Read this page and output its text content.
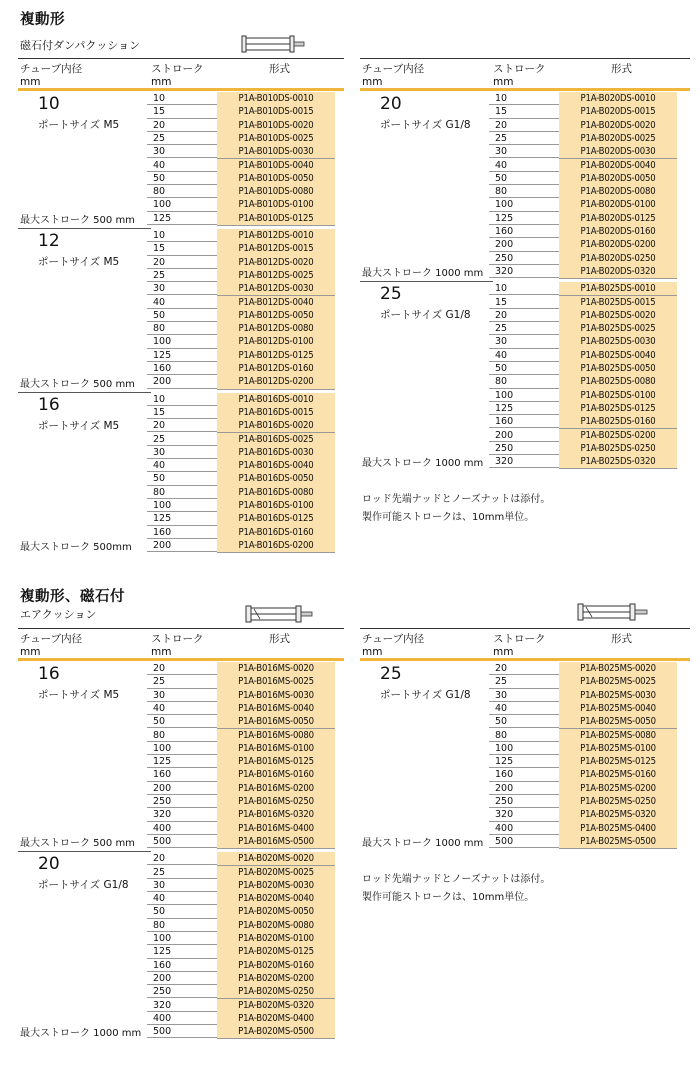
複動形
磁石付ダンパクッション
チューブ内径
mm
ストローク
mm
形式
10
ポートサイズ M5
最大ストローク 500 mm
10	P1A-B010DS-0010
15	P1A-B010DS-0015
20	P1A-B010DS-0020
25	P1A-B010DS-0025
30	P1A-B010DS-0030
40	P1A-B010DS-0040
50	P1A-B010DS-0050
80	P1A-B010DS-0080
100	P1A-B010DS-0100
125	P1A-B010DS-0125
12
ポートサイズ M5
最大ストローク 500 mm
10	P1A-B012DS-0010
15	P1A-B012DS-0015
20	P1A-B012DS-0020
25	P1A-B012DS-0025
30	P1A-B012DS-0030
40	P1A-B012DS-0040
50	P1A-B012DS-0050
80	P1A-B012DS-0080
100	P1A-B012DS-0100
125	P1A-B012DS-0125
160	P1A-B012DS-0160
200	P1A-B012DS-0200
16
ポートサイズ M5
最大ストローク 500mm
10	P1A-B016DS-0010
15	P1A-B016DS-0015
20	P1A-B016DS-0020
25	P1A-B016DS-0025
30	P1A-B016DS-0030
40	P1A-B016DS-0040
50	P1A-B016DS-0050
80	P1A-B016DS-0080
100	P1A-B016DS-0100
125	P1A-B016DS-0125
160	P1A-B016DS-0160
200	P1A-B016DS-0200
チューブ内径
mm
ストローク
mm
形式
20
ポートサイズ G1/8
最大ストローク 1000 mm
10	P1A-B020DS-0010
15	P1A-B020DS-0015
20	P1A-B020DS-0020
25	P1A-B020DS-0025
30	P1A-B020DS-0030
40	P1A-B020DS-0040
50	P1A-B020DS-0050
80	P1A-B020DS-0080
100	P1A-B020DS-0100
125	P1A-B020DS-0125
160	P1A-B020DS-0160
200	P1A-B020DS-0200
250	P1A-B020DS-0250
320	P1A-B020DS-0320
25
ポートサイズ G1/8
最大ストローク 1000 mm
10	P1A-B025DS-0010
15	P1A-B025DS-0015
20	P1A-B025DS-0020
25	P1A-B025DS-0025
30	P1A-B025DS-0030
40	P1A-B025DS-0040
50	P1A-B025DS-0050
80	P1A-B025DS-0080
100	P1A-B025DS-0100
125	P1A-B025DS-0125
160	P1A-B025DS-0160
200	P1A-B025DS-0200
250	P1A-B025DS-0250
320	P1A-B025DS-0320
ロッド先端ナッドとノーズナットは添付。
製作可能ストロークは、10mm単位。
複動形、磁石付
エアクッション
チューブ内径
mm
ストローク
mm
形式
16
ポートサイズ M5
最大ストローク 500 mm
20	P1A-B016MS-0020
25	P1A-B016MS-0025
30	P1A-B016MS-0030
40	P1A-B016MS-0040
50	P1A-B016MS-0050
80	P1A-B016MS-0080
100	P1A-B016MS-0100
125	P1A-B016MS-0125
160	P1A-B016MS-0160
200	P1A-B016MS-0200
250	P1A-B016MS-0250
320	P1A-B016MS-0320
400	P1A-B016MS-0400
500	P1A-B016MS-0500
20
ポートサイズ G1/8
最大ストローク 1000 mm
20	P1A-B020MS-0020
25	P1A-B020MS-0025
30	P1A-B020MS-0030
40	P1A-B020MS-0040
50	P1A-B020MS-0050
80	P1A-B020MS-0080
100	P1A-B020MS-0100
125	P1A-B020MS-0125
160	P1A-B020MS-0160
200	P1A-B020MS-0200
250	P1A-B020MS-0250
320	P1A-B020MS-0320
400	P1A-B020MS-0400
500	P1A-B020MS-0500
チューブ内径
mm
ストローク
mm
形式
25
ポートサイズ G1/8
最大ストローク 1000 mm
20	P1A-B025MS-0020
25	P1A-B025MS-0025
30	P1A-B025MS-0030
40	P1A-B025MS-0040
50	P1A-B025MS-0050
80	P1A-B025MS-0080
100	P1A-B025MS-0100
125	P1A-B025MS-0125
160	P1A-B025MS-0160
200	P1A-B025MS-0200
250	P1A-B025MS-0250
320	P1A-B025MS-0320
400	P1A-B025MS-0400
500	P1A-B025MS-0500
ロッド先端ナッドとノーズナットは添付。
製作可能ストロークは、10mm単位。
